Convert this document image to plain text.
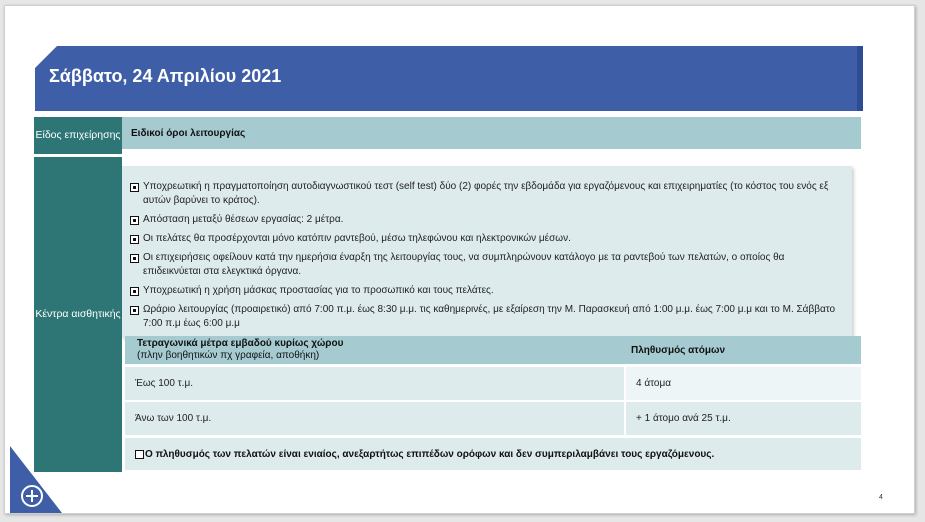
Σάββατο, 24 Απριλίου 2021
Είδος επιχείρησης	Ειδικοί όροι λειτουργίας
Κέντρα αισθητικής
Υποχρεωτική η πραγματοποίηση αυτοδιαγνωστικού τεστ (self test) δύο (2) φορές την εβδομάδα για εργαζόμενους και επιχειρηματίες (το κόστος του ενός εξ αυτών βαρύνει το κράτος).
Απόσταση μεταξύ θέσεων εργασίας: 2 μέτρα.
Οι πελάτες θα προσέρχονται μόνο κατόπιν ραντεβού, μέσω τηλεφώνου και ηλεκτρονικών μέσων.
Οι επιχειρήσεις οφείλουν κατά την ημερήσια έναρξη της λειτουργίας τους, να συμπληρώνουν κατάλογο με τα ραντεβού των πελατών, ο οποίος θα επιδεικνύεται στα ελεγκτικά όργανα.
Υποχρεωτική η χρήση μάσκας προστασίας για το προσωπικό και τους πελάτες.
Ωράριο λειτουργίας (προαιρετικό) από 7:00 π.μ. έως 8:30 μ.μ. τις καθημερινές, με εξαίρεση την Μ. Παρασκευή από 1:00 μ.μ. έως 7:00 μ.μ και το Μ. Σάββατο 7:00 π.μ έως 6:00 μ.μ
Τετραγωνικά μέτρα εμβαδού κυρίως χώρου
(πλην βοηθητικών πχ γραφεία, αποθήκη)	Πληθυσμός ατόμων
Έως 100 τ.μ.	4 άτομα
Άνω των 100 τ.μ.	+ 1 άτομο ανά 25 τ.μ.
Ο πληθυσμός των πελατών είναι ενιαίος, ανεξαρτήτως επιπέδων ορόφων και δεν συμπεριλαμβάνει τους εργαζόμενους.
4
